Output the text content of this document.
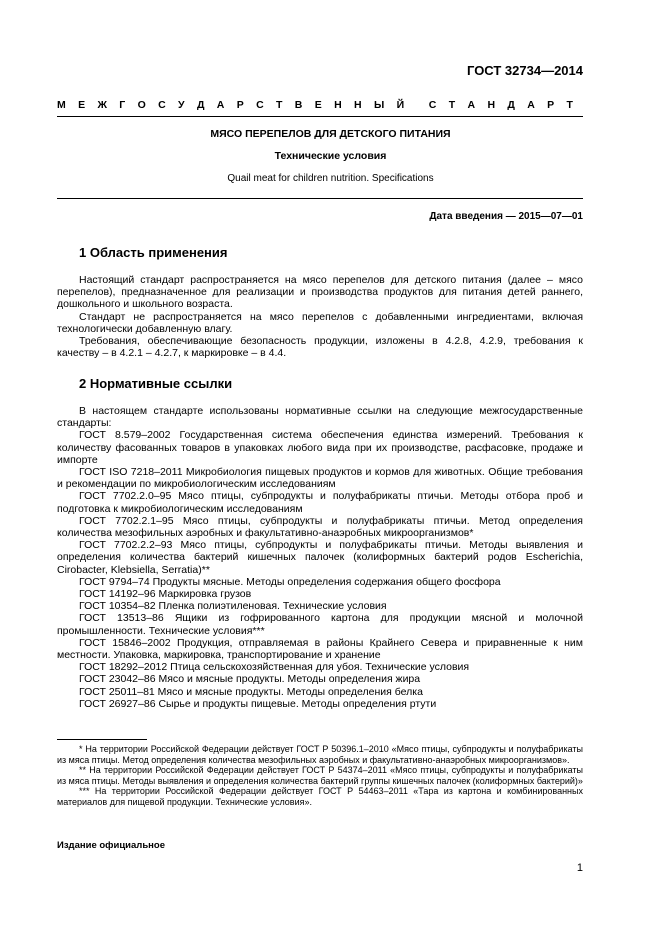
ГОСТ 32734—2014
М Е Ж Г О С У Д А Р С Т В Е Н Н Ы Й С Т А Н Д А Р Т
МЯСО ПЕРЕПЕЛОВ ДЛЯ ДЕТСКОГО ПИТАНИЯ
Технические условия
Quail meat for children nutrition. Specifications
Дата введения — 2015—07—01
1 Область применения
Настоящий стандарт распространяется на мясо перепелов для детского питания (далее – мясо перепелов), предназначенное для реализации и производства продуктов для питания детей раннего, дошкольного и школьного возраста.
Стандарт не распространяется на мясо перепелов с добавленными ингредиентами, включая технологически добавленную влагу.
Требования, обеспечивающие безопасность продукции, изложены в 4.2.8, 4.2.9, требования к качеству – в 4.2.1 – 4.2.7, к маркировке – в 4.4.
2 Нормативные ссылки
В настоящем стандарте использованы нормативные ссылки на следующие межгосударственные стандарты:
ГОСТ 8.579–2002 Государственная система обеспечения единства измерений. Требования к количеству фасованных товаров в упаковках любого вида при их производстве, расфасовке, продаже и импорте
ГОСТ ISO 7218–2011 Микробиология пищевых продуктов и кормов для животных. Общие требования и рекомендации по микробиологическим исследованиям
ГОСТ 7702.2.0–95 Мясо птицы, субпродукты и полуфабрикаты птичьи. Методы отбора проб и подготовка к микробиологическим исследованиям
ГОСТ 7702.2.1–95 Мясо птицы, субпродукты и полуфабрикаты птичьи. Метод определения количества мезофильных аэробных и факультативно-анаэробных микроорганизмов*
ГОСТ 7702.2.2–93 Мясо птицы, субпродукты и полуфабрикаты птичьи. Методы выявления и определения количества бактерий кишечных палочек (колиформных бактерий родов Escherichia, Cirobacter, Klebsiella, Serratia)**
ГОСТ 9794–74 Продукты мясные. Методы определения содержания общего фосфора
ГОСТ 14192–96 Маркировка грузов
ГОСТ 10354–82 Пленка полиэтиленовая. Технические условия
ГОСТ 13513–86 Ящики из гофрированного картона для продукции мясной и молочной промышленности. Технические условия***
ГОСТ 15846–2002 Продукция, отправляемая в районы Крайнего Севера и приравненные к ним местности. Упаковка, маркировка, транспортирование и хранение
ГОСТ 18292–2012 Птица сельскохозяйственная для убоя. Технические условия
ГОСТ 23042–86 Мясо и мясные продукты. Методы определения жира
ГОСТ 25011–81 Мясо и мясные продукты. Методы определения белка
ГОСТ 26927–86 Сырье и продукты пищевые. Методы определения ртути
* На территории Российской Федерации действует ГОСТ Р 50396.1–2010 «Мясо птицы, субпродукты и полуфабрикаты из мяса птицы. Метод определения количества мезофильных аэробных и факультативно-анаэробных микроорганизмов».
** На территории Российской Федерации действует ГОСТ Р 54374–2011 «Мясо птицы, субпродукты и полуфабрикаты из мяса птицы. Методы выявления и определения количества бактерий группы кишечных палочек (колиформных бактерий)»
*** На территории Российской Федерации действует ГОСТ Р 54463–2011 «Тара из картона и комбинированных материалов для пищевой продукции. Технические условия».
Издание официальное
1
